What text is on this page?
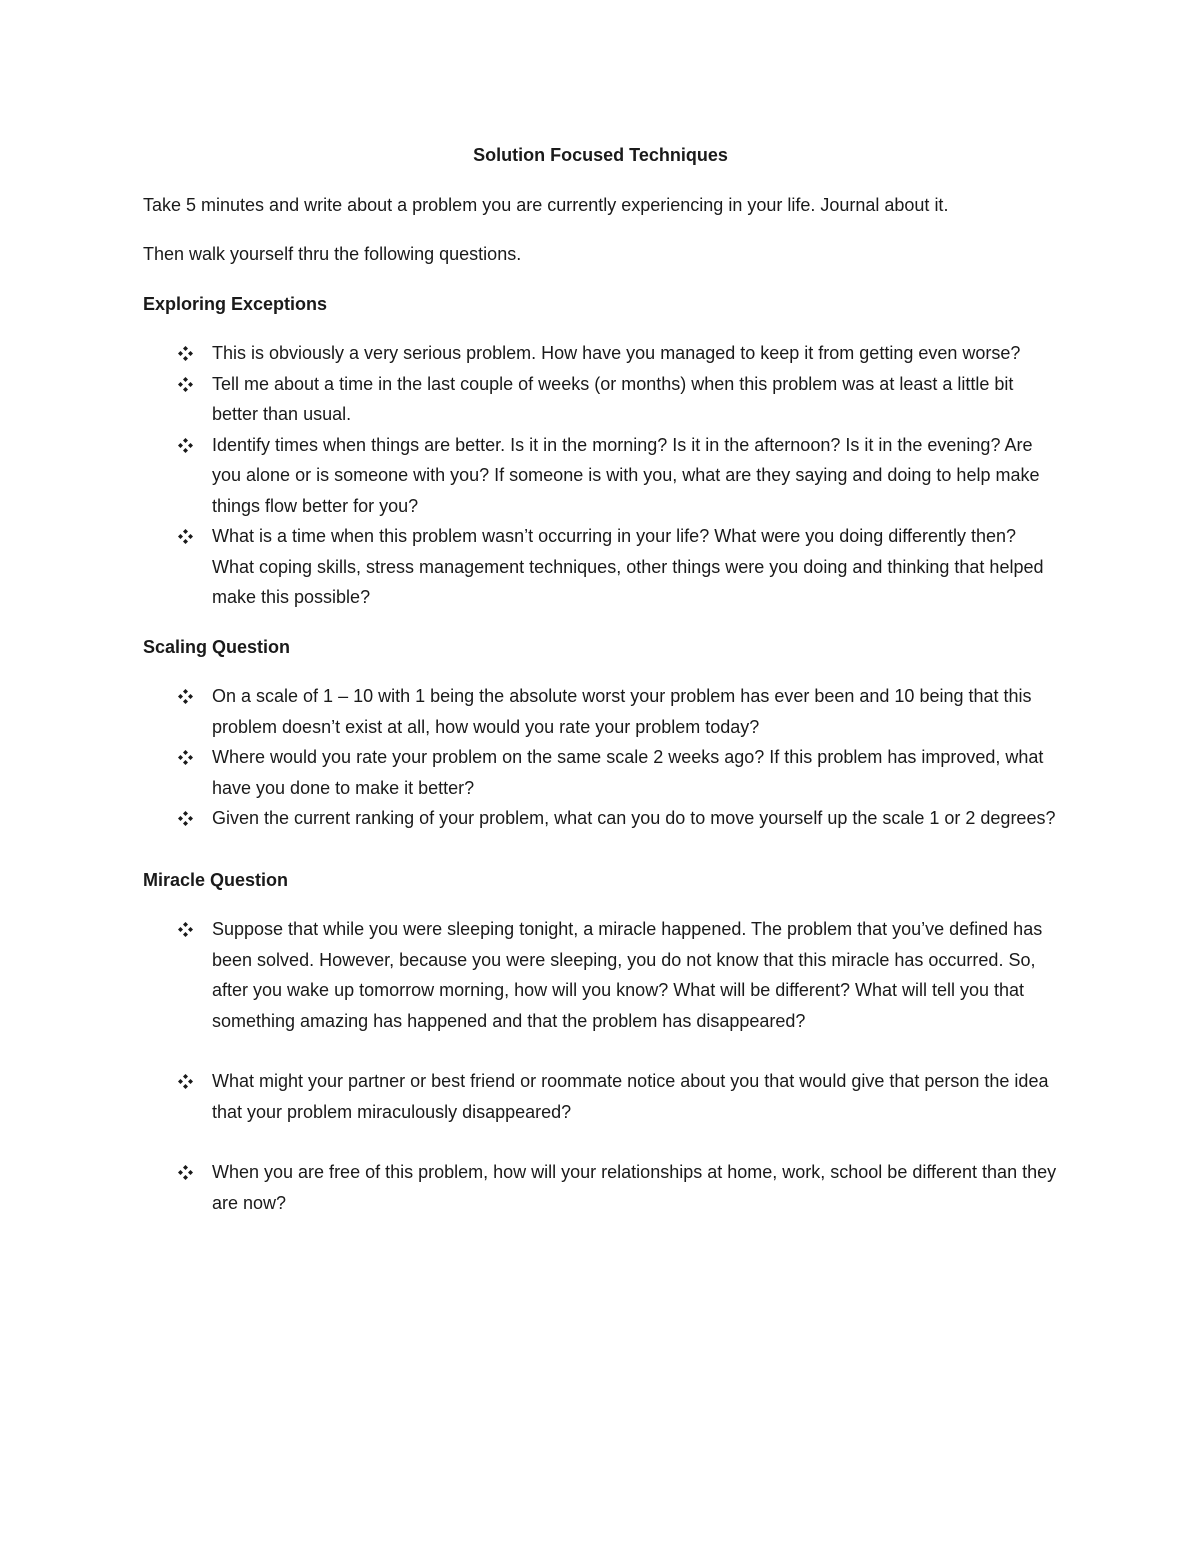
Solution Focused Techniques
Take 5 minutes and write about a problem you are currently experiencing in your life. Journal about it.
Then walk yourself thru the following questions.
Exploring Exceptions
This is obviously a very serious problem. How have you managed to keep it from getting even worse?
Tell me about a time in the last couple of weeks (or months) when this problem was at least a little bit better than usual.
Identify times when things are better. Is it in the morning? Is it in the afternoon? Is it in the evening? Are you alone or is someone with you? If someone is with you, what are they saying and doing to help make things flow better for you?
What is a time when this problem wasn’t occurring in your life? What were you doing differently then? What coping skills, stress management techniques, other things were you doing and thinking that helped make this possible?
Scaling Question
On a scale of 1 – 10 with 1 being the absolute worst your problem has ever been and 10 being that this problem doesn’t exist at all, how would you rate your problem today?
Where would you rate your problem on the same scale 2 weeks ago? If this problem has improved, what have you done to make it better?
Given the current ranking of your problem, what can you do to move yourself up the scale 1 or 2 degrees?
Miracle Question
Suppose that while you were sleeping tonight, a miracle happened. The problem that you’ve defined has been solved. However, because you were sleeping, you do not know that this miracle has occurred. So, after you wake up tomorrow morning, how will you know? What will be different? What will tell you that something amazing has happened and that the problem has disappeared?
What might your partner or best friend or roommate notice about you that would give that person the idea that your problem miraculously disappeared?
When you are free of this problem, how will your relationships at home, work, school be different than they are now?
